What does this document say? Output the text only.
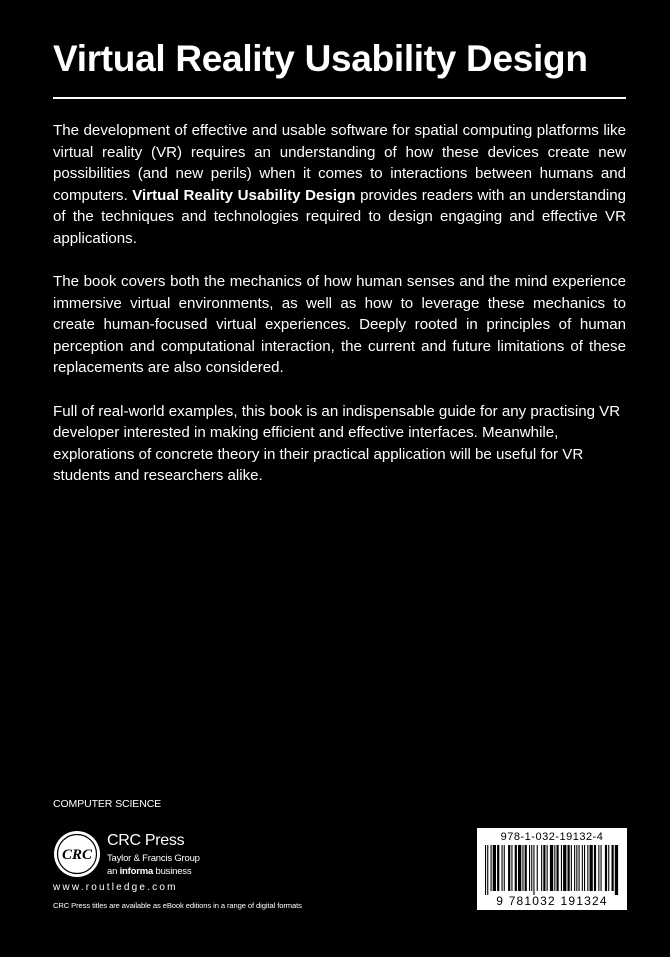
Virtual Reality Usability Design

The development of effective and usable software for spatial computing platforms like virtual reality (VR) requires an understanding of how these devices create new possibilities (and new perils) when it comes to interactions between humans and computers. Virtual Reality Usability Design provides readers with an understanding of the techniques and technologies required to design engaging and effective VR applications.

The book covers both the mechanics of how human senses and the mind experience immersive virtual environments, as well as how to leverage these mechanics to create human-focused virtual experiences. Deeply rooted in principles of human perception and computational interaction, the current and future limitations of these replacements are also considered.

Full of real-world examples, this book is an indispensable guide for any practising VR developer interested in making efficient and effective interfaces. Meanwhile, explorations of concrete theory in their practical application will be useful for VR students and researchers alike.

COMPUTER SCIENCE
CRC
CRC Press
Taylor & Francis Group
an informa business
www.routledge.com
CRC Press titles are available as eBook editions in a range of digital formats
978-1-032-19132-4
9 781032 191324
